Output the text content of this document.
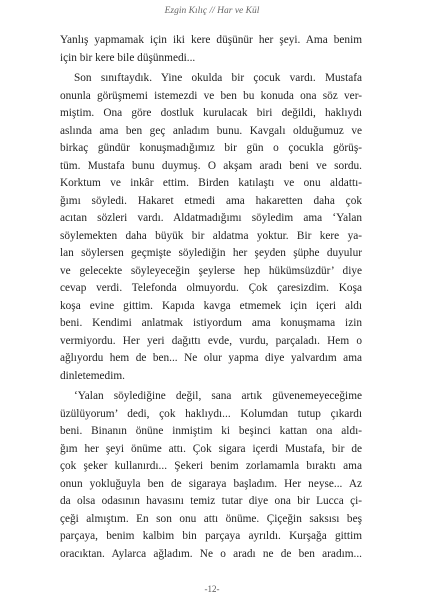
Ezgin Kılıç // Har ve Kül
Yanlış yapmamak için iki kere düşünür her şeyi. Ama benim
için bir kere bile düşünmedi...
Son sınıftaydık. Yine okulda bir çocuk vardı. Mustafa
onunla görüşmemi istemezdi ve ben bu konuda ona söz ver-
miştim. Ona göre dostluk kurulacak biri değildi, haklıydı
aslında ama ben geç anladım bunu. Kavgalı olduğumuz ve
birkaç gündür konuşmadığımız bir gün o çocukla görüş-
tüm. Mustafa bunu duymuş. O akşam aradı beni ve sordu.
Korktum ve inkâr ettim. Birden katılaştı ve onu aldattı-
ğımı söyledi. Hakaret etmedi ama hakaretten daha çok
acıtan sözleri vardı. Aldatmadığımı söyledim ama ‘Yalan
söylemekten daha büyük bir aldatma yoktur. Bir kere ya-
lan söylersen geçmişte söylediğin her şeyden şüphe duyulur
ve gelecekte söyleyeceğin şeylerse hep hükümsüzdür’ diye
cevap verdi. Telefonda olmuyordu. Çok çaresizdim. Koşa
koşa evine gittim. Kapıda kavga etmemek için içeri aldı
beni. Kendimi anlatmak istiyordum ama konuşmama izin
vermiyordu. Her yeri dağıttı evde, vurdu, parçaladı. Hem o
ağlıyordu hem de ben... Ne olur yapma diye yalvardım ama
dinletemedim.
‘Yalan söylediğine değil, sana artık güvenemeyeceğime
üzülüyorum’ dedi, çok haklıydı... Kolumdan tutup çıkardı
beni. Binanın önüne inmiştim ki beşinci kattan ona aldı-
ğım her şeyi önüme attı. Çok sigara içerdi Mustafa, bir de
çok şeker kullanırdı... Şekeri benim zorlamamla bıraktı ama
onun yokluğuyla ben de sigaraya başladım. Her neyse... Az
da olsa odasının havasını temiz tutar diye ona bir Lucca çi-
çeği almıştım. En son onu attı önüme. Çiçeğin saksısı beş
parçaya, benim kalbim bin parçaya ayrıldı. Kurşağa gittim
oracıktan. Aylarca ağladım. Ne o aradı ne de ben aradım...
-12-
